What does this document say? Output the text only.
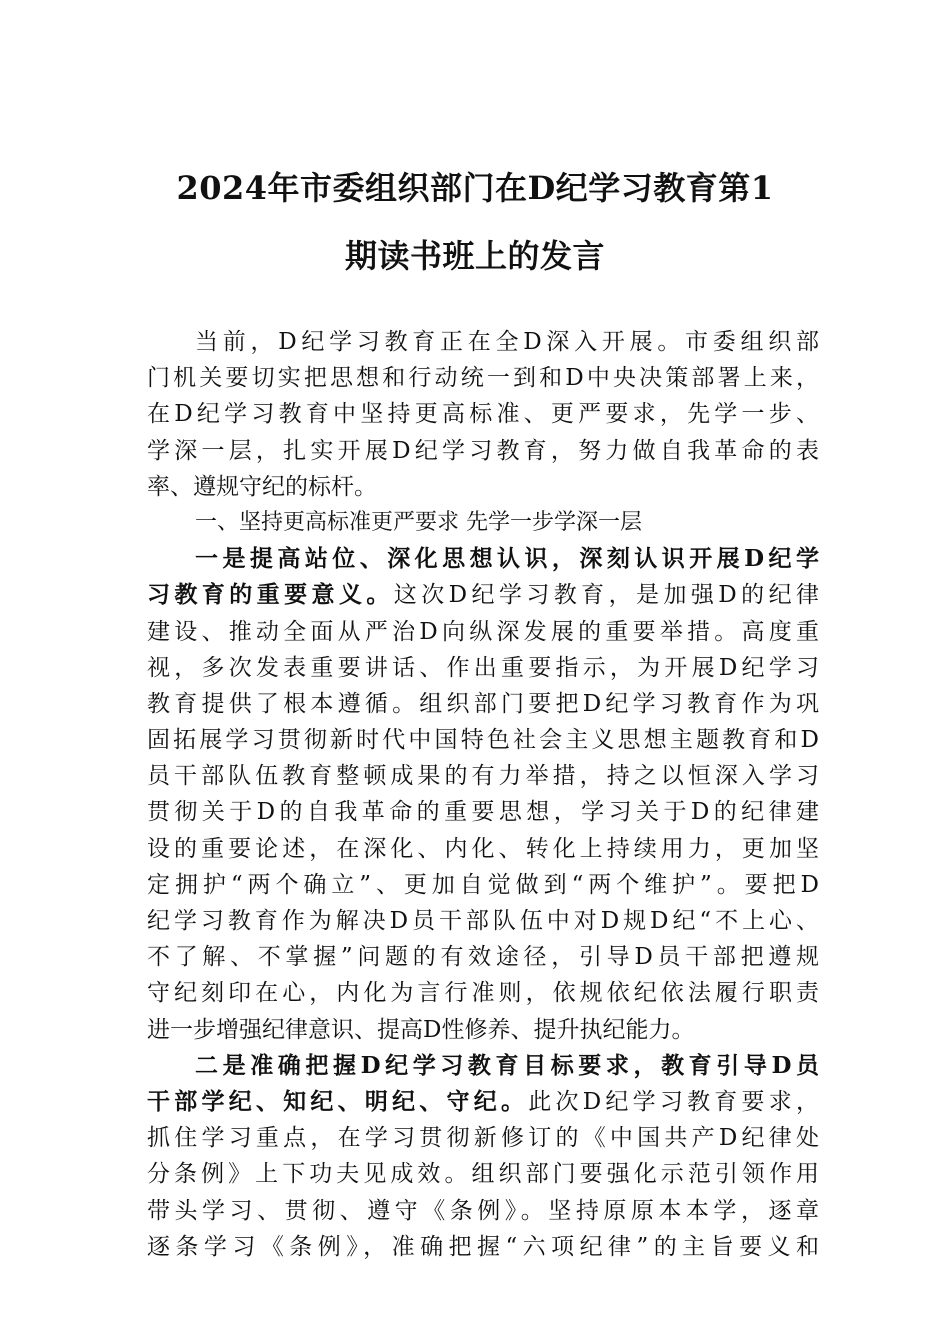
2024年市委组织部门在D纪学习教育第1
期读书班上的发言
当前，D纪学习教育正在全D深入开展。市委组织部
门机关要切实把思想和行动统一到和D中央决策部署上来，
在D纪学习教育中坚持更高标准、更严要求，先学一步、
学深一层，扎实开展D纪学习教育，努力做自我革命的表
率、遵规守纪的标杆。
一、坚持更高标准更严要求 先学一步学深一层
一是提高站位、深化思想认识，深刻认识开展D纪学
习教育的重要意义。这次D纪学习教育，是加强D的纪律
建设、推动全面从严治D向纵深发展的重要举措。高度重
视，多次发表重要讲话、作出重要指示，为开展D纪学习
教育提供了根本遵循。组织部门要把D纪学习教育作为巩
固拓展学习贯彻新时代中国特色社会主义思想主题教育和D
员干部队伍教育整顿成果的有力举措，持之以恒深入学习
贯彻关于D的自我革命的重要思想，学习关于D的纪律建
设的重要论述，在深化、内化、转化上持续用力，更加坚
定拥护“两个确立”、更加自觉做到“两个维护”。要把D
纪学习教育作为解决D员干部队伍中对D规D纪“不上心、
不了解、不掌握”问题的有效途径，引导D员干部把遵规
守纪刻印在心，内化为言行准则，依规依纪依法履行职责
进一步增强纪律意识、提高D性修养、提升执纪能力。
二是准确把握D纪学习教育目标要求，教育引导D员
干部学纪、知纪、明纪、守纪。此次D纪学习教育要求，
抓住学习重点，在学习贯彻新修订的《中国共产D纪律处
分条例》上下功夫见成效。组织部门要强化示范引领作用
带头学习、贯彻、遵守《条例》。坚持原原本本学，逐章
逐条学习《条例》，准确把握“六项纪律”的主旨要义和
